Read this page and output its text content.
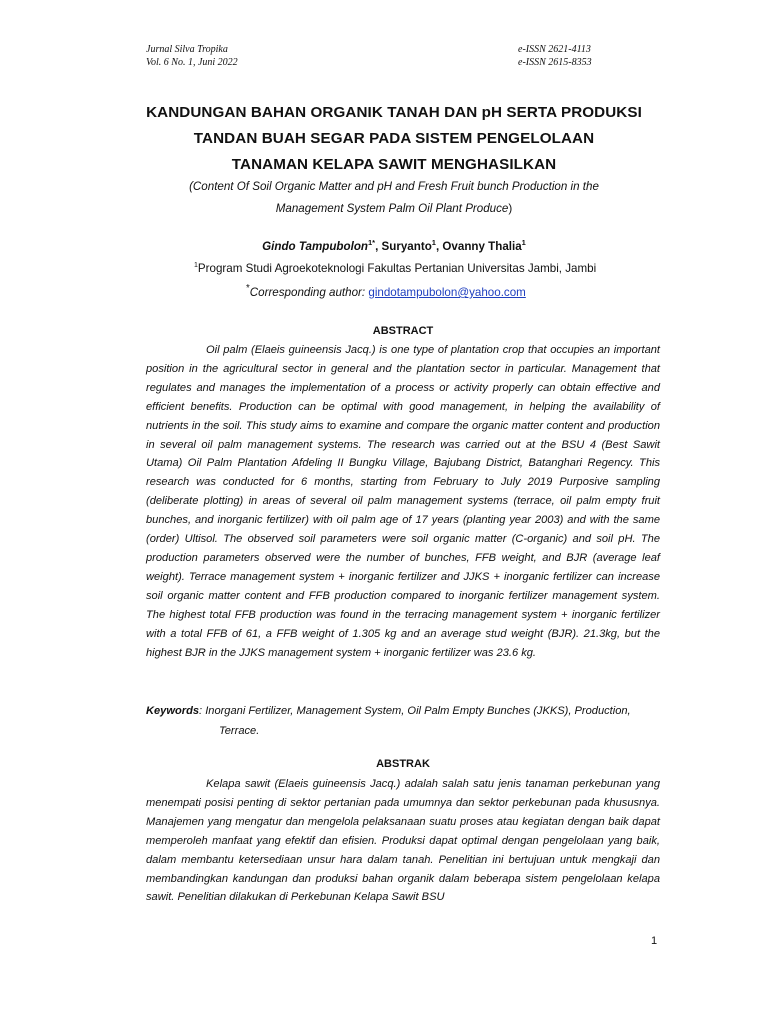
Jurnal Silva Tropika
Vol. 6 No. 1, Juni 2022
e-ISSN 2621-4113
e-ISSN 2615-8353
KANDUNGAN BAHAN ORGANIK TANAH DAN pH SERTA PRODUKSI
TANDAN BUAH SEGAR PADA SISTEM PENGELOLAAN
TANAMAN KELAPA SAWIT MENGHASILKAN
(Content Of Soil Organic Matter and pH and Fresh Fruit bunch Production in the
Management System Palm Oil Plant Produce)
Gindo Tampubolon$^{1*}$, Suryanto$^1$, Ovanny Thalia$^1$
$^1$Program Studi Agroekoteknologi Fakultas Pertanian Universitas Jambi, Jambi
*Corresponding author: gindotampubolon@yahoo.com
ABSTRACT
Oil palm (Elaeis guineensis Jacq.) is one type of plantation crop that occupies an important position in the agricultural sector in general and the plantation sector in particular. Management that regulates and manages the implementation of a process or activity properly can obtain effective and efficient benefits. Production can be optimal with good management, in helping the availability of nutrients in the soil. This study aims to examine and compare the organic matter content and production in several oil palm management systems. The research was carried out at the BSU 4 (Best Sawit Utama) Oil Palm Plantation Afdeling II Bungku Village, Bajubang District, Batanghari Regency. This research was conducted for 6 months, starting from February to July 2019 Purposive sampling (deliberate plotting) in areas of several oil palm management systems (terrace, oil palm empty fruit bunches, and inorganic fertilizer) with oil palm age of 17 years (planting year 2003) and with the same (order) Ultisol. The observed soil parameters were soil organic matter (C-organic) and soil pH. The production parameters observed were the number of bunches, FFB weight, and BJR (average leaf weight). Terrace management system + inorganic fertilizer and JJKS + inorganic fertilizer can increase soil organic matter content and FFB production compared to inorganic fertilizer management system. The highest total FFB production was found in the terracing management system + inorganic fertilizer with a total FFB of 61, a FFB weight of 1.305 kg and an average stud weight (BJR). 21.3kg, but the highest BJR in the JJKS management system + inorganic fertilizer was 23.6 kg.
Keywords: Inorgani Fertilizer, Management System, Oil Palm Empty Bunches (JKKS), Production,
Terrace.
ABSTRAK
Kelapa sawit (Elaeis guineensis Jacq.) adalah salah satu jenis tanaman perkebunan yang menempati posisi penting di sektor pertanian pada umumnya dan sektor perkebunan pada khususnya. Manajemen yang mengatur dan mengelola pelaksanaan suatu proses atau kegiatan dengan baik dapat memperoleh manfaat yang efektif dan efisien. Produksi dapat optimal dengan pengelolaan yang baik, dalam membantu ketersediaan unsur hara dalam tanah. Penelitian ini bertujuan untuk mengkaji dan membandingkan kandungan dan produksi bahan organik dalam beberapa sistem pengelolaan kelapa sawit. Penelitian dilakukan di Perkebunan Kelapa Sawit BSU
1
